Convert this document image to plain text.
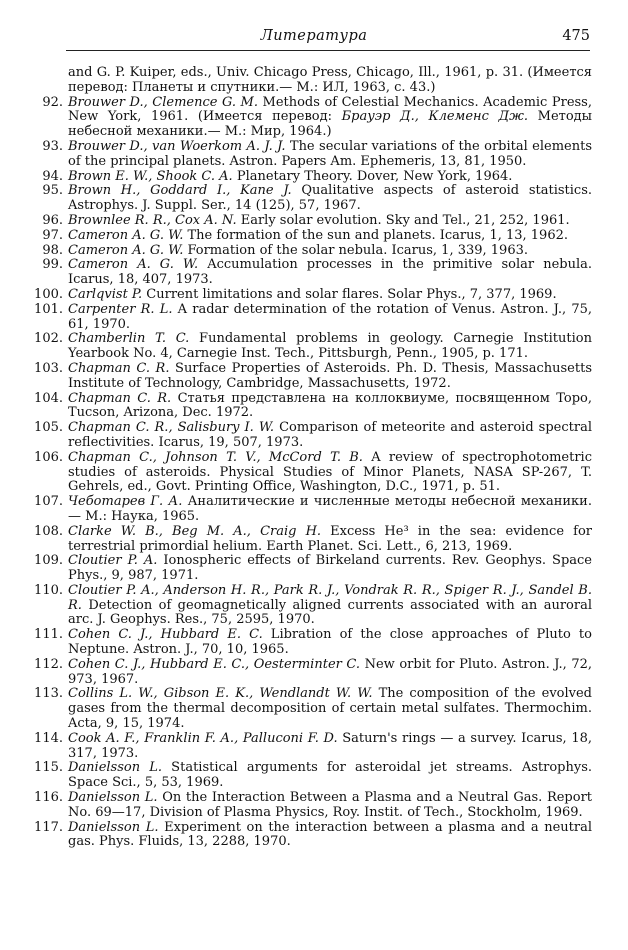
Литература	475

and G. P. Kuiper, eds., Univ. Chicago Press, Chicago, Ill., 1961, p. 31. (Имеется перевод: Планеты и спутники.— М.: ИЛ, 1963, с. 43.)

92. Brouwer D., Clemence G. M. Methods of Celestial Mechanics. Academic Press, New York, 1961. (Имеется перевод: Брауэр Д., Клеменс Дж. Методы небесной механики.— М.: Мир, 1964.)

93. Brouwer D., van Woerkom A. J. J. The secular variations of the orbital elements of the principal planets. Astron. Papers Am. Ephemeris, 13, 81, 1950.

94. Brown E. W., Shook C. A. Planetary Theory. Dover, New York, 1964.

95. Brown H., Goddard I., Kane J. Qualitative aspects of asteroid statistics. Astrophys. J. Suppl. Ser., 14 (125), 57, 1967.

96. Brownlee R. R., Cox A. N. Early solar evolution. Sky and Tel., 21, 252, 1961.

97. Cameron A. G. W. The formation of the sun and planets. Icarus, 1, 13, 1962.

98. Cameron A. G. W. Formation of the solar nebula. Icarus, 1, 339, 1963.

99. Cameron A. G. W. Accumulation processes in the primitive solar nebula. Icarus, 18, 407, 1973.

100. Carlqvist P. Current limitations and solar flares. Solar Phys., 7, 377, 1969.

101. Carpenter R. L. A radar determination of the rotation of Venus. Astron. J., 75, 61, 1970.

102. Chamberlin T. C. Fundamental problems in geology. Carnegie Institution Yearbook No. 4, Carnegie Inst. Tech., Pittsburgh, Penn., 1905, p. 171.

103. Chapman C. R. Surface Properties of Asteroids. Ph. D. Thesis, Massachusetts Institute of Technology, Cambridge, Massachusetts, 1972.

104. Chapman C. R. Статья представлена на коллоквиуме, посвященном Topo, Tucson, Arizona, Dec. 1972.

105. Chapman C. R., Salisbury I. W. Comparison of meteorite and asteroid spectral reflectivities. Icarus, 19, 507, 1973.

106. Chapman C., Johnson T. V., McCord T. B. A review of spectrophotometric studies of asteroids. Physical Studies of Minor Planets, NASA SP-267, T. Gehrels, ed., Govt. Printing Office, Washington, D.C., 1971, p. 51.

107. Чеботарев Г. А. Аналитические и численные методы небесной механики.— М.: Наука, 1965.

108. Clarke W. B., Beg M. A., Craig H. Excess He³ in the sea: evidence for terrestrial primordial helium. Earth Planet. Sci. Lett., 6, 213, 1969.

109. Cloutier P. A. Ionospheric effects of Birkeland currents. Rev. Geophys. Space Phys., 9, 987, 1971.

110. Cloutier P. A., Anderson H. R., Park R. J., Vondrak R. R., Spiger R. J., Sandel B. R. Detection of geomagnetically aligned currents associated with an auroral arc. J. Geophys. Res., 75, 2595, 1970.

111. Cohen C. J., Hubbard E. C. Libration of the close approaches of Pluto to Neptune. Astron. J., 70, 10, 1965.

112. Cohen C. J., Hubbard E. C., Oesterminter C. New orbit for Pluto. Astron. J., 72, 973, 1967.

113. Collins L. W., Gibson E. K., Wendlandt W. W. The composition of the evolved gases from the thermal decomposition of certain metal sulfates. Thermochim. Acta, 9, 15, 1974.

114. Cook A. F., Franklin F. A., Palluconi F. D. Saturn's rings — a survey. Icarus, 18, 317, 1973.

115. Danielsson L. Statistical arguments for asteroidal jet streams. Astrophys. Space Sci., 5, 53, 1969.

116. Danielsson L. On the Interaction Between a Plasma and a Neutral Gas. Report No. 69—17, Division of Plasma Physics, Roy. Instit. of Tech., Stockholm, 1969.

117. Danielsson L. Experiment on the interaction between a plasma and a neutral gas. Phys. Fluids, 13, 2288, 1970.
